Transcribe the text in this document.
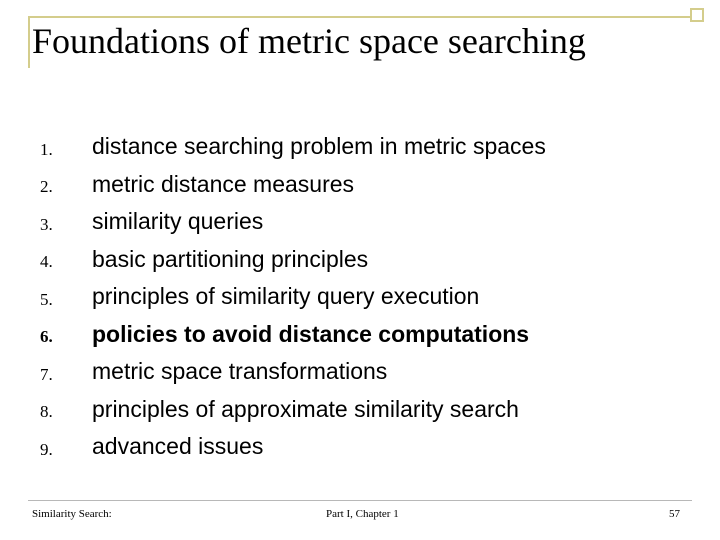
Foundations of metric space searching
1.	distance searching problem in metric spaces
2.	metric distance measures
3.	similarity queries
4.	basic partitioning principles
5.	principles of similarity query execution
6.	policies to avoid distance computations
7.	metric space transformations
8.	principles of approximate similarity search
9.	advanced issues
Similarity Search:	Part I, Chapter 1	57
